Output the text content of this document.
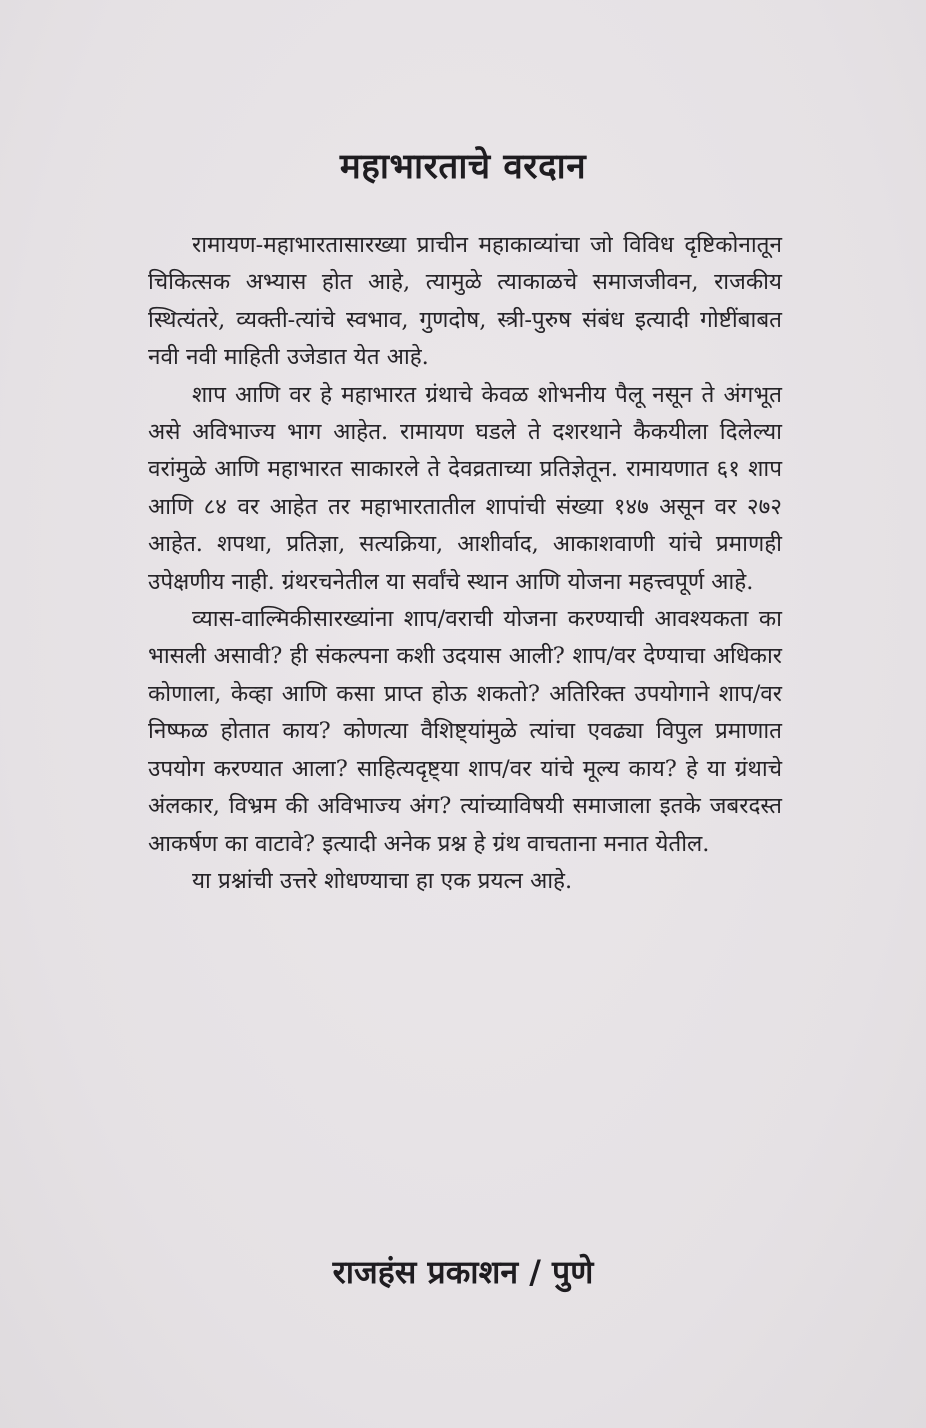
महाभारताचे वरदान

रामायण-महाभारतासारख्या प्राचीन महाकाव्यांचा जो विविध दृष्टिकोनातून चिकित्सक अभ्यास होत आहे, त्यामुळे त्याकाळचे समाजजीवन, राजकीय स्थित्यंतरे, व्यक्ती-त्यांचे स्वभाव, गुणदोष, स्त्री-पुरुष संबंध इत्यादी गोष्टींबाबत नवी नवी माहिती उजेडात येत आहे.

शाप आणि वर हे महाभारत ग्रंथाचे केवळ शोभनीय पैलू नसून ते अंगभूत असे अविभाज्य भाग आहेत. रामायण घडले ते दशरथाने कैकयीला दिलेल्या वरांमुळे आणि महाभारत साकारले ते देवव्रताच्या प्रतिज्ञेतून. रामायणात ६१ शाप आणि ८४ वर आहेत तर महाभारतातील शापांची संख्या १४७ असून वर २७२ आहेत. शपथा, प्रतिज्ञा, सत्यक्रिया, आशीर्वाद, आकाशवाणी यांचे प्रमाणही उपेक्षणीय नाही. ग्रंथरचनेतील या सर्वांचे स्थान आणि योजना महत्त्वपूर्ण आहे.

व्यास-वाल्मिकीसारख्यांना शाप/वराची योजना करण्याची आवश्यकता का भासली असावी? ही संकल्पना कशी उदयास आली? शाप/वर देण्याचा अधिकार कोणाला, केव्हा आणि कसा प्राप्त होऊ शकतो? अतिरिक्त उपयोगाने शाप/वर निष्फळ होतात काय? कोणत्या वैशिष्ट्यांमुळे त्यांचा एवढ्या विपुल प्रमाणात उपयोग करण्यात आला? साहित्यदृष्ट्या शाप/वर यांचे मूल्य काय? हे या ग्रंथाचे अंलकार, विभ्रम की अविभाज्य अंग? त्यांच्याविषयी समाजाला इतके जबरदस्त आकर्षण का वाटावे? इत्यादी अनेक प्रश्न हे ग्रंथ वाचताना मनात येतील.

या प्रश्नांची उत्तरे शोधण्याचा हा एक प्रयत्न आहे.

राजहंस प्रकाशन / पुणे
